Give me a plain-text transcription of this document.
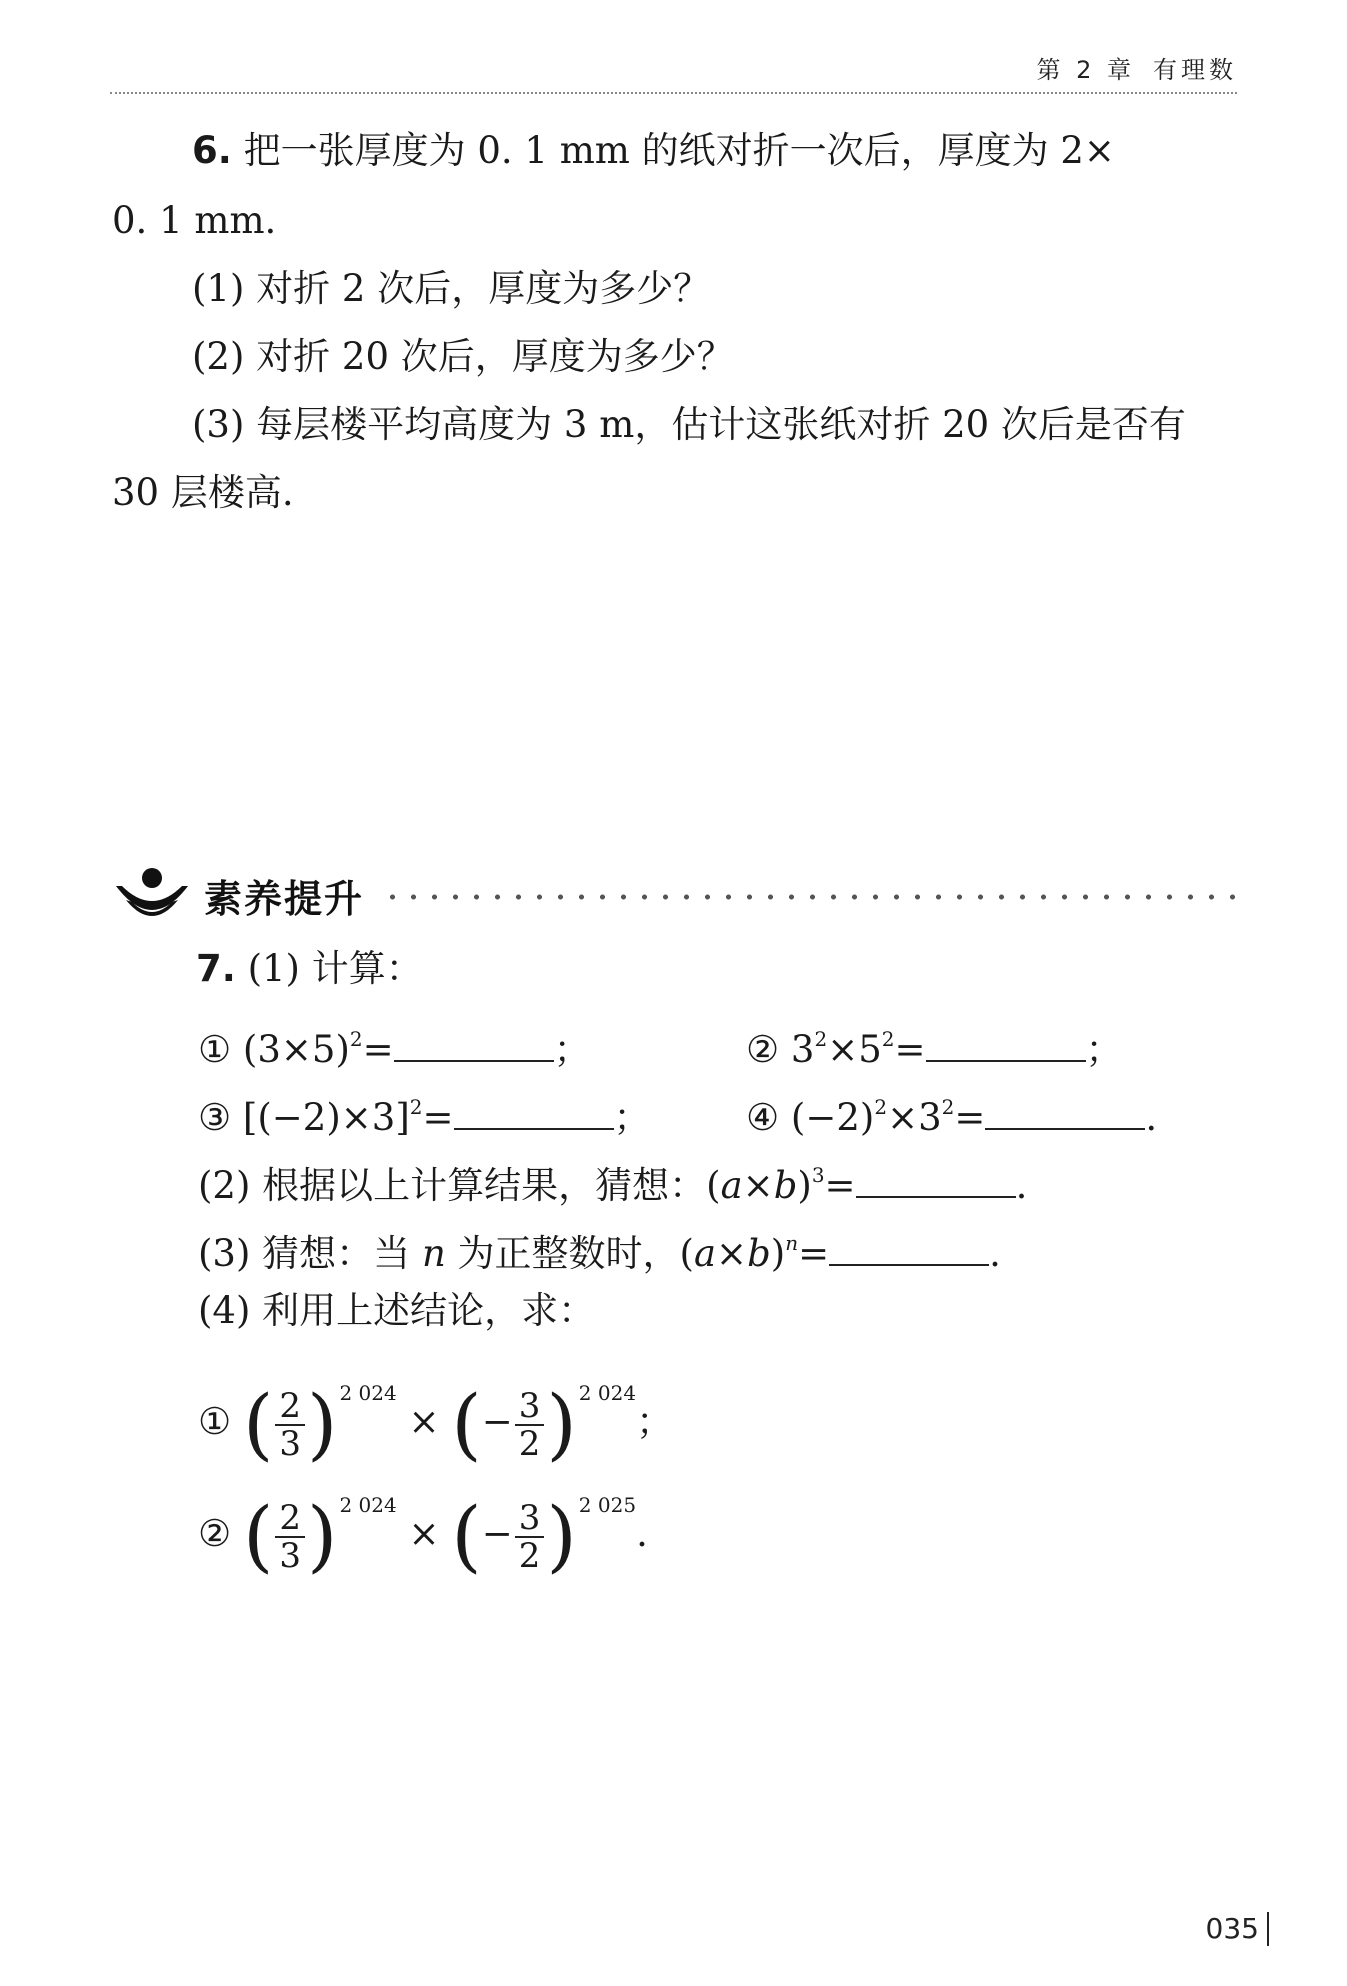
第 2 章 有理数
6. 把一张厚度为 0. 1 mm 的纸对折一次后，厚度为 2×
0. 1 mm.
(1) 对折 2 次后，厚度为多少？
(2) 对折 20 次后，厚度为多少？
(3) 每层楼平均高度为 3 m，估计这张纸对折 20 次后是否有
30 层楼高.
素养提升
7. (1) 计算：
① $(3\times 5)^2=$	；	② $3^2\times 5^2=$	；
③ $[(-2)\times 3]^2=$	；	④ $(-2)^2\times 3^2=$	.
(2) 根据以上计算结果，猜想：$(a\times b)^3=$	.
(3) 猜想：当 n 为正整数时，$(a\times b)^n=$	.
(4) 利用上述结论，求：
① ( $\frac{2}{3}$ ) $^{2 024}$ × (− $\frac{3}{2}$ ) $^{2 024}$；
② ( $\frac{2}{3}$ ) $^{2 024}$ × (− $\frac{3}{2}$ ) $^{2 025}$.
035
